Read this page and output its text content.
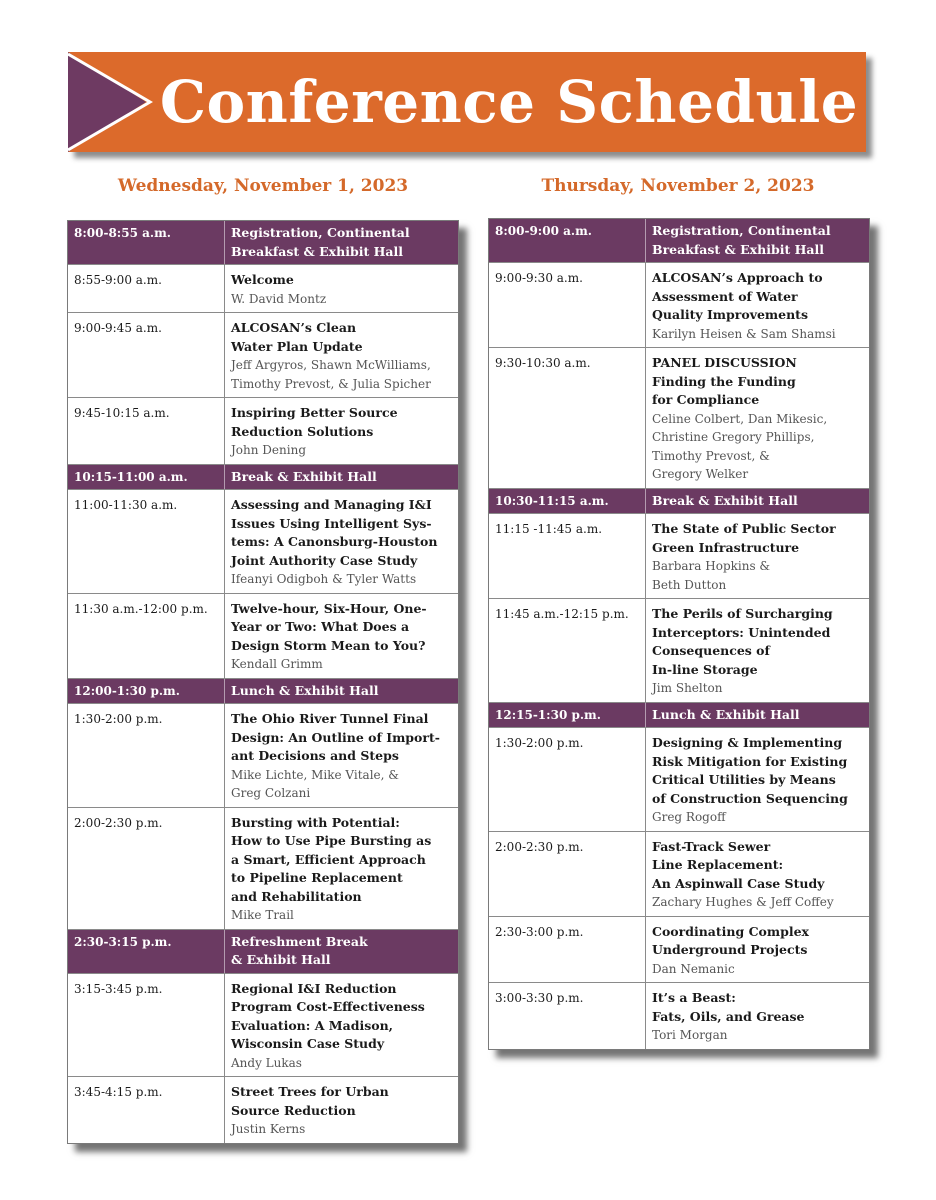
Conference Schedule
Wednesday, November 1, 2023	Thursday, November 2, 2023
8:00-8:55 a.m.	Registration, Continental
Breakfast & Exhibit Hall
8:55-9:00 a.m.	Welcome
W. David Montz
9:00-9:45 a.m.	ALCOSAN’s Clean
Water Plan Update
Jeff Argyros, Shawn McWilliams,
Timothy Prevost, & Julia Spicher
9:45-10:15 a.m.	Inspiring Better Source
Reduction Solutions
John Dening
10:15-11:00 a.m.	Break & Exhibit Hall
11:00-11:30 a.m.	Assessing and Managing I&I
Issues Using Intelligent Sys-
tems: A Canonsburg-Houston
Joint Authority Case Study
Ifeanyi Odigboh & Tyler Watts
11:30 a.m.-12:00 p.m.	Twelve-hour, Six-Hour, One-
Year or Two: What Does a
Design Storm Mean to You?
Kendall Grimm
12:00-1:30 p.m.	Lunch & Exhibit Hall
1:30-2:00 p.m.	The Ohio River Tunnel Final
Design: An Outline of Import-
ant Decisions and Steps
Mike Lichte, Mike Vitale, &
Greg Colzani
2:00-2:30 p.m.	Bursting with Potential:
How to Use Pipe Bursting as
a Smart, Efficient Approach
to Pipeline Replacement
and Rehabilitation
Mike Trail
2:30-3:15 p.m.	Refreshment Break
& Exhibit Hall
3:15-3:45 p.m.	Regional I&I Reduction
Program Cost-Effectiveness
Evaluation: A Madison,
Wisconsin Case Study
Andy Lukas
3:45-4:15 p.m.	Street Trees for Urban
Source Reduction
Justin Kerns
8:00-9:00 a.m.	Registration, Continental
Breakfast & Exhibit Hall
9:00-9:30 a.m.	ALCOSAN’s Approach to
Assessment of Water
Quality Improvements
Karilyn Heisen & Sam Shamsi
9:30-10:30 a.m.	PANEL DISCUSSION
Finding the Funding
for Compliance
Celine Colbert, Dan Mikesic,
Christine Gregory Phillips,
Timothy Prevost, &
Gregory Welker
10:30-11:15 a.m.	Break & Exhibit Hall
11:15 -11:45 a.m.	The State of Public Sector
Green Infrastructure
Barbara Hopkins &
Beth Dutton
11:45 a.m.-12:15 p.m.	The Perils of Surcharging
Interceptors: Unintended
Consequences of
In-line Storage
Jim Shelton
12:15-1:30 p.m.	Lunch & Exhibit Hall
1:30-2:00 p.m.	Designing & Implementing
Risk Mitigation for Existing
Critical Utilities by Means
of Construction Sequencing
Greg Rogoff
2:00-2:30 p.m.	Fast-Track Sewer
Line Replacement:
An Aspinwall Case Study
Zachary Hughes & Jeff Coffey
2:30-3:00 p.m.	Coordinating Complex
Underground Projects
Dan Nemanic
3:00-3:30 p.m.	It’s a Beast:
Fats, Oils, and Grease
Tori Morgan
